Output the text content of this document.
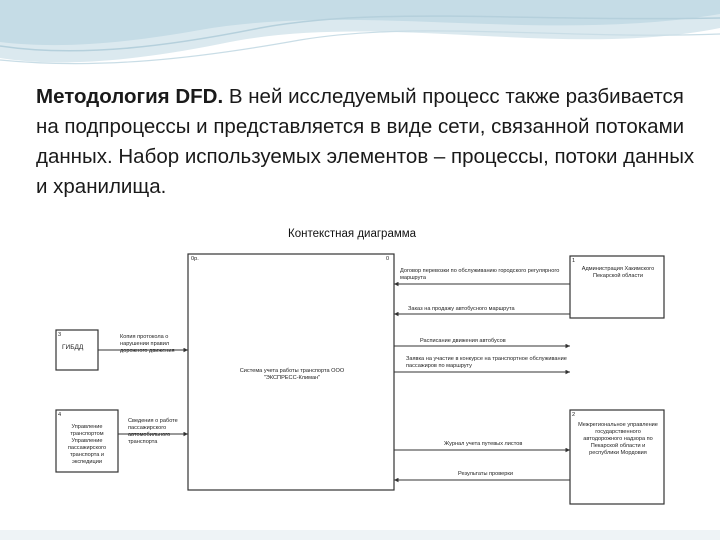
Методология DFD. В ней исследуемый процесс также разбивается на подпроцессы и представляется в виде сети, связанной потоками данных. Набор используемых элементов – процессы, потоки данных и хранилища.
Контекстная диаграмма
0р.	0
Система учета работы транспорта ООО "ЭКСПРЕСС-Климан"
3
ГИБДД
4
Управление транспортом Управление пассажирского транспорта и экспедиции
1
Администрация Хакимского Пекарской области
2
Межрегиональное управление государственного автодорожного надзора по Пекарской области и республики Мордовия
Договор перевозки по обслуживанию городского регулярного маршрута
Заказ на продажу автобусного маршрута
Расписание движения автобусов
Заявка на участие в конкурсе на транспортное обслуживание пассажиров по маршруту
Журнал учета путевых листов
Результаты проверки
Копия протокола о нарушении правил дорожного движения
Сведения о работе пассажирского автомобильного транспорта
